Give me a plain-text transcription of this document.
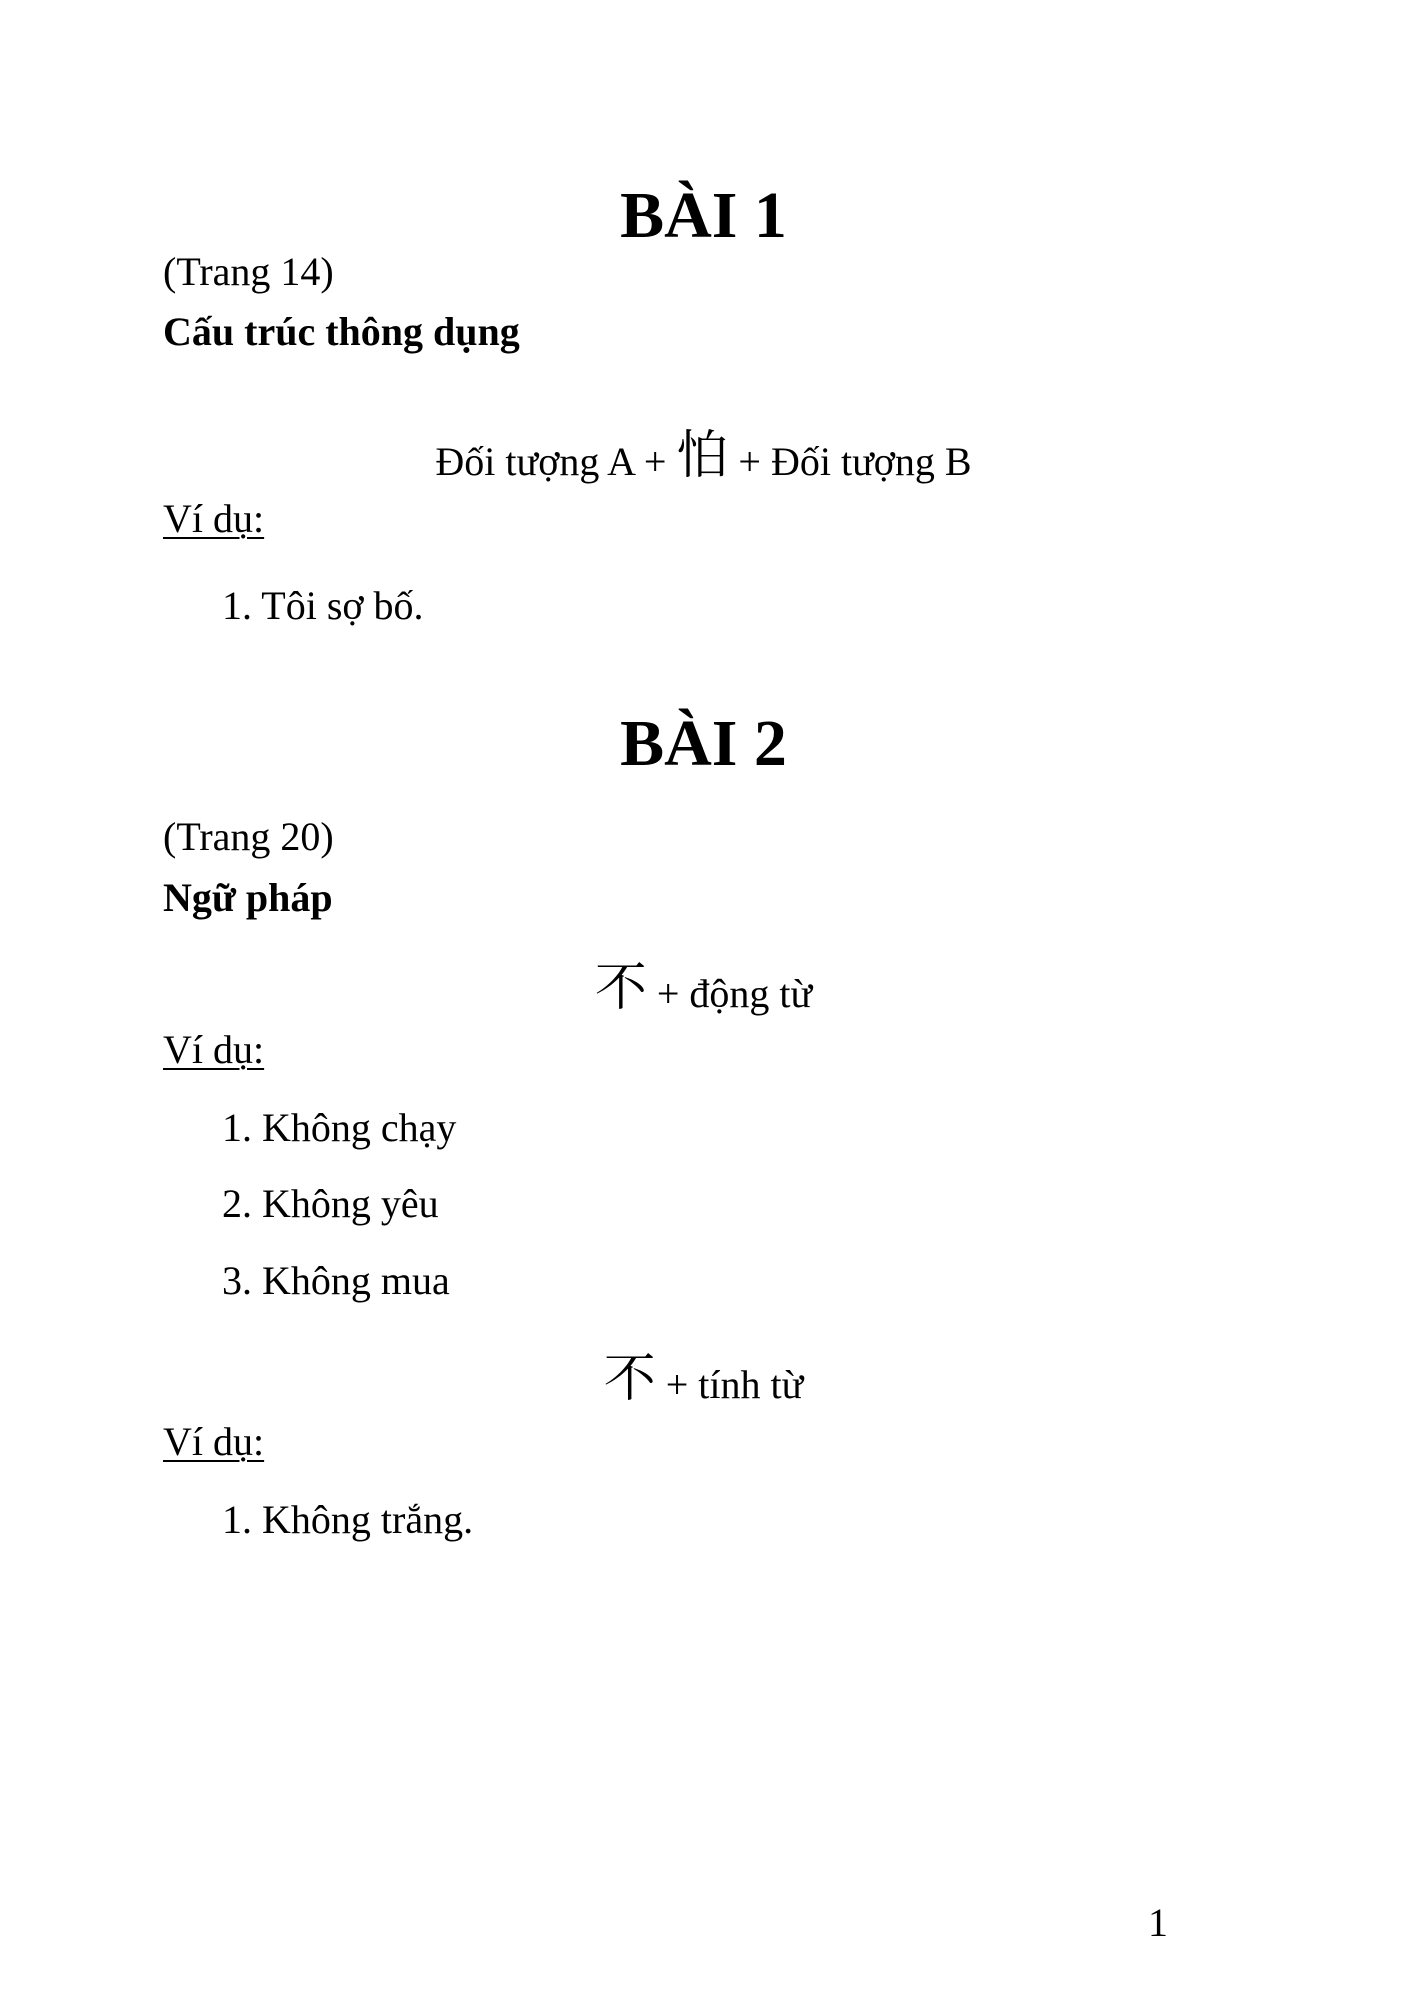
BÀI 1
(Trang 14)
Cấu trúc thông dụng
Đối tượng A + 怕 + Đối tượng B
Ví dụ:
1. Tôi sợ bố.
BÀI 2
(Trang 20)
Ngữ pháp
不 + động từ
Ví dụ:
1. Không chạy
2. Không yêu
3. Không mua
不 + tính từ
Ví dụ:
1. Không trắng.
1
